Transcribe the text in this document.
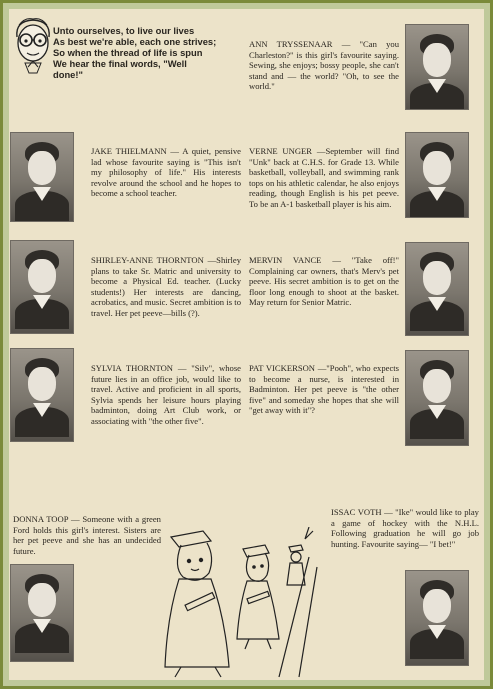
Unto ourselves, to live our lives
As best we're able, each one strives;
So when the thread of life is spun
We hear the final words, "Well
done!"
ANN TRYSSENAAR — "Can you Charleston?" is this girl's favourite saying. Sewing, she enjoys; bossy people, she can't stand and — the world? "Oh, to see the world."
JAKE THIELMANN — A quiet, pensive lad whose favourite saying is "This isn't my philosophy of life." His interests revolve around the school and he hopes to become a school teacher.
VERNE UNGER —September will find "Unk" back at C.H.S. for Grade 13. While basketball, volleyball, and swimming rank tops on his athletic calendar, he also enjoys reading, though English is his pet peeve. To be an A-1 basketball player is his aim.
SHIRLEY-ANNE THORNTON —Shirley plans to take Sr. Matric and university to become a Physical Ed. teacher. (Lucky students!) Her interests are dancing, acrobatics, and music. Secret ambition is to travel. Her pet peeve—bills (?).
MERVIN VANCE — "Take off!" Complaining car owners, that's Merv's pet peeve. His secret ambition is to get on the floor long enough to shoot at the basket. May return for Senior Matric.
SYLVIA THORNTON — "Silv", whose future lies in an office job, would like to travel. Active and proficient in all sports, Sylvia spends her leisure hours playing badminton, doing Art Club work, or associating with "the other five".
PAT VICKERSON —"Pooh", who expects to become a nurse, is interested in Badminton. Her pet peeve is "the other five" and someday she hopes that she will "get away with it"?
DONNA TOOP — Someone with a green Ford holds this girl's interest. Sisters are her pet peeve and she has an undecided future.
ISSAC VOTH — "Ike" would like to play a game of hockey with the N.H.L. Following graduation he will go job hunting. Favourite saying— "I bet!"
